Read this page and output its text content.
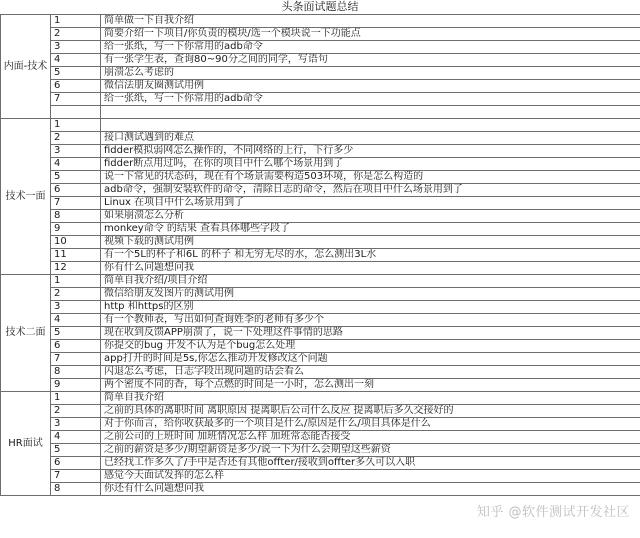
头条面试题总结
内面-技术	1	简单做一下自我介绍
	2	简要介绍一下项目/你负责的模块/选一个模块说一下功能点
	3	给一张纸，写一下你常用的adb命令
	4	有一张学生表，查询80~90分之间的同学，写语句
	5	崩溃怎么考虑的
	6	微信法朋友圈测试用例
	7	给一张纸，写一下你常用的adb命令

技术一面	1	
	2	接口测试遇到的难点
	3	fidder模拟弱网怎么操作的，不同网络的上行，下行多少
	4	fidder断点用过吗，在你的项目中什么哪个场景用到了
	5	说一下常见的状态码，现在有个场景需要构造503环境，你是怎么构造的
	6	adb命令，强制安装软件的命令，清除日志的命令，然后在项目中什么场景用到了
	7	Linux 在项目中什么场景用到了
	8	如果崩溃怎么分析
	9	monkey命令 的结果 查看具体哪些字段了
	10	视频下载的测试用例
	11	有一个5L的杯子和6L 的杯子 和无穷无尽的水，怎么测出3L水
	12	你有什么问题想问我
技术二面	1	简单自我介绍/项目介绍
	2	微信给朋友发图片的测试用例
	3	http 和https的区别
	4	有一个教师表，写出如何查询姓李的老师有多少个
	5	现在收到反馈APP崩溃了，说一下处理这件事情的思路
	6	你提交的bug 开发不认为是个bug怎么处理
	7	app打开的时间是5s,你怎么推动开发修改这个问题
	8	闪退怎么考虑，日志字段出现问题的话会看么
	9	两个密度不同的香，每个点燃的时间是一小时，怎么测出一刻
HR面试	1	简单自我介绍
	2	之前的具体的离职时间 离职原因 提离职后公司什么反应 提离职后多久交接好的
	3	对于你而言，给你收获最多的一个项目是什么/原因是什么/项目具体是什么
	4	之前公司的上班时间 加班情况怎么样 加班常态能否接受
	5	之前的薪资是多少/期望薪资是多少/说一下为什么会期望这些薪资
	6	已经找工作多久了/手中是否还有其他offter/接收到offter多久可以入职
	7	感觉今天面试发挥的怎么样
	8	你还有什么问题想问我
知乎 @软件测试开发社区
